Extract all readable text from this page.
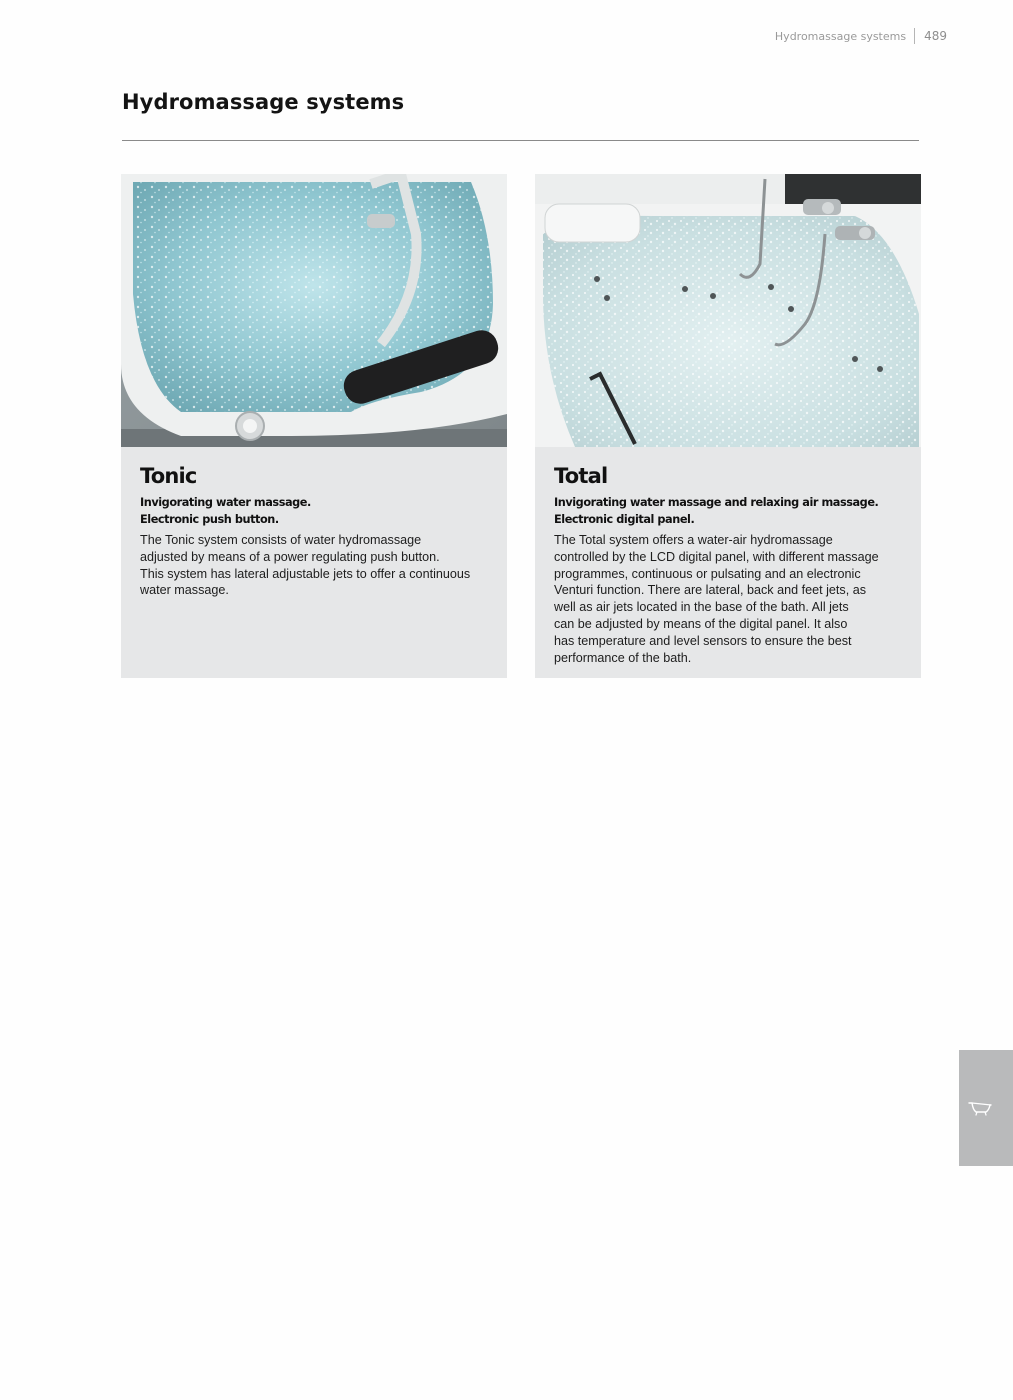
Hydromassage systems	489
Hydromassage systems
Tonic
Invigorating water massage.
Electronic push button.
The Tonic system consists of water hydromassage
adjusted by means of a power regulating push button.
This system has lateral adjustable jets to offer a continuous
water massage.
Total
Invigorating water massage and relaxing air massage.
Electronic digital panel.
The Total system offers a water-air hydromassage
controlled by the LCD digital panel, with different massage
programmes, continuous or pulsating and an electronic
Venturi function. There are lateral, back and feet jets, as
well as air jets located in the base of the bath. All jets
can be adjusted by means of the digital panel. It also
has temperature and level sensors to ensure the best
performance of the bath.
